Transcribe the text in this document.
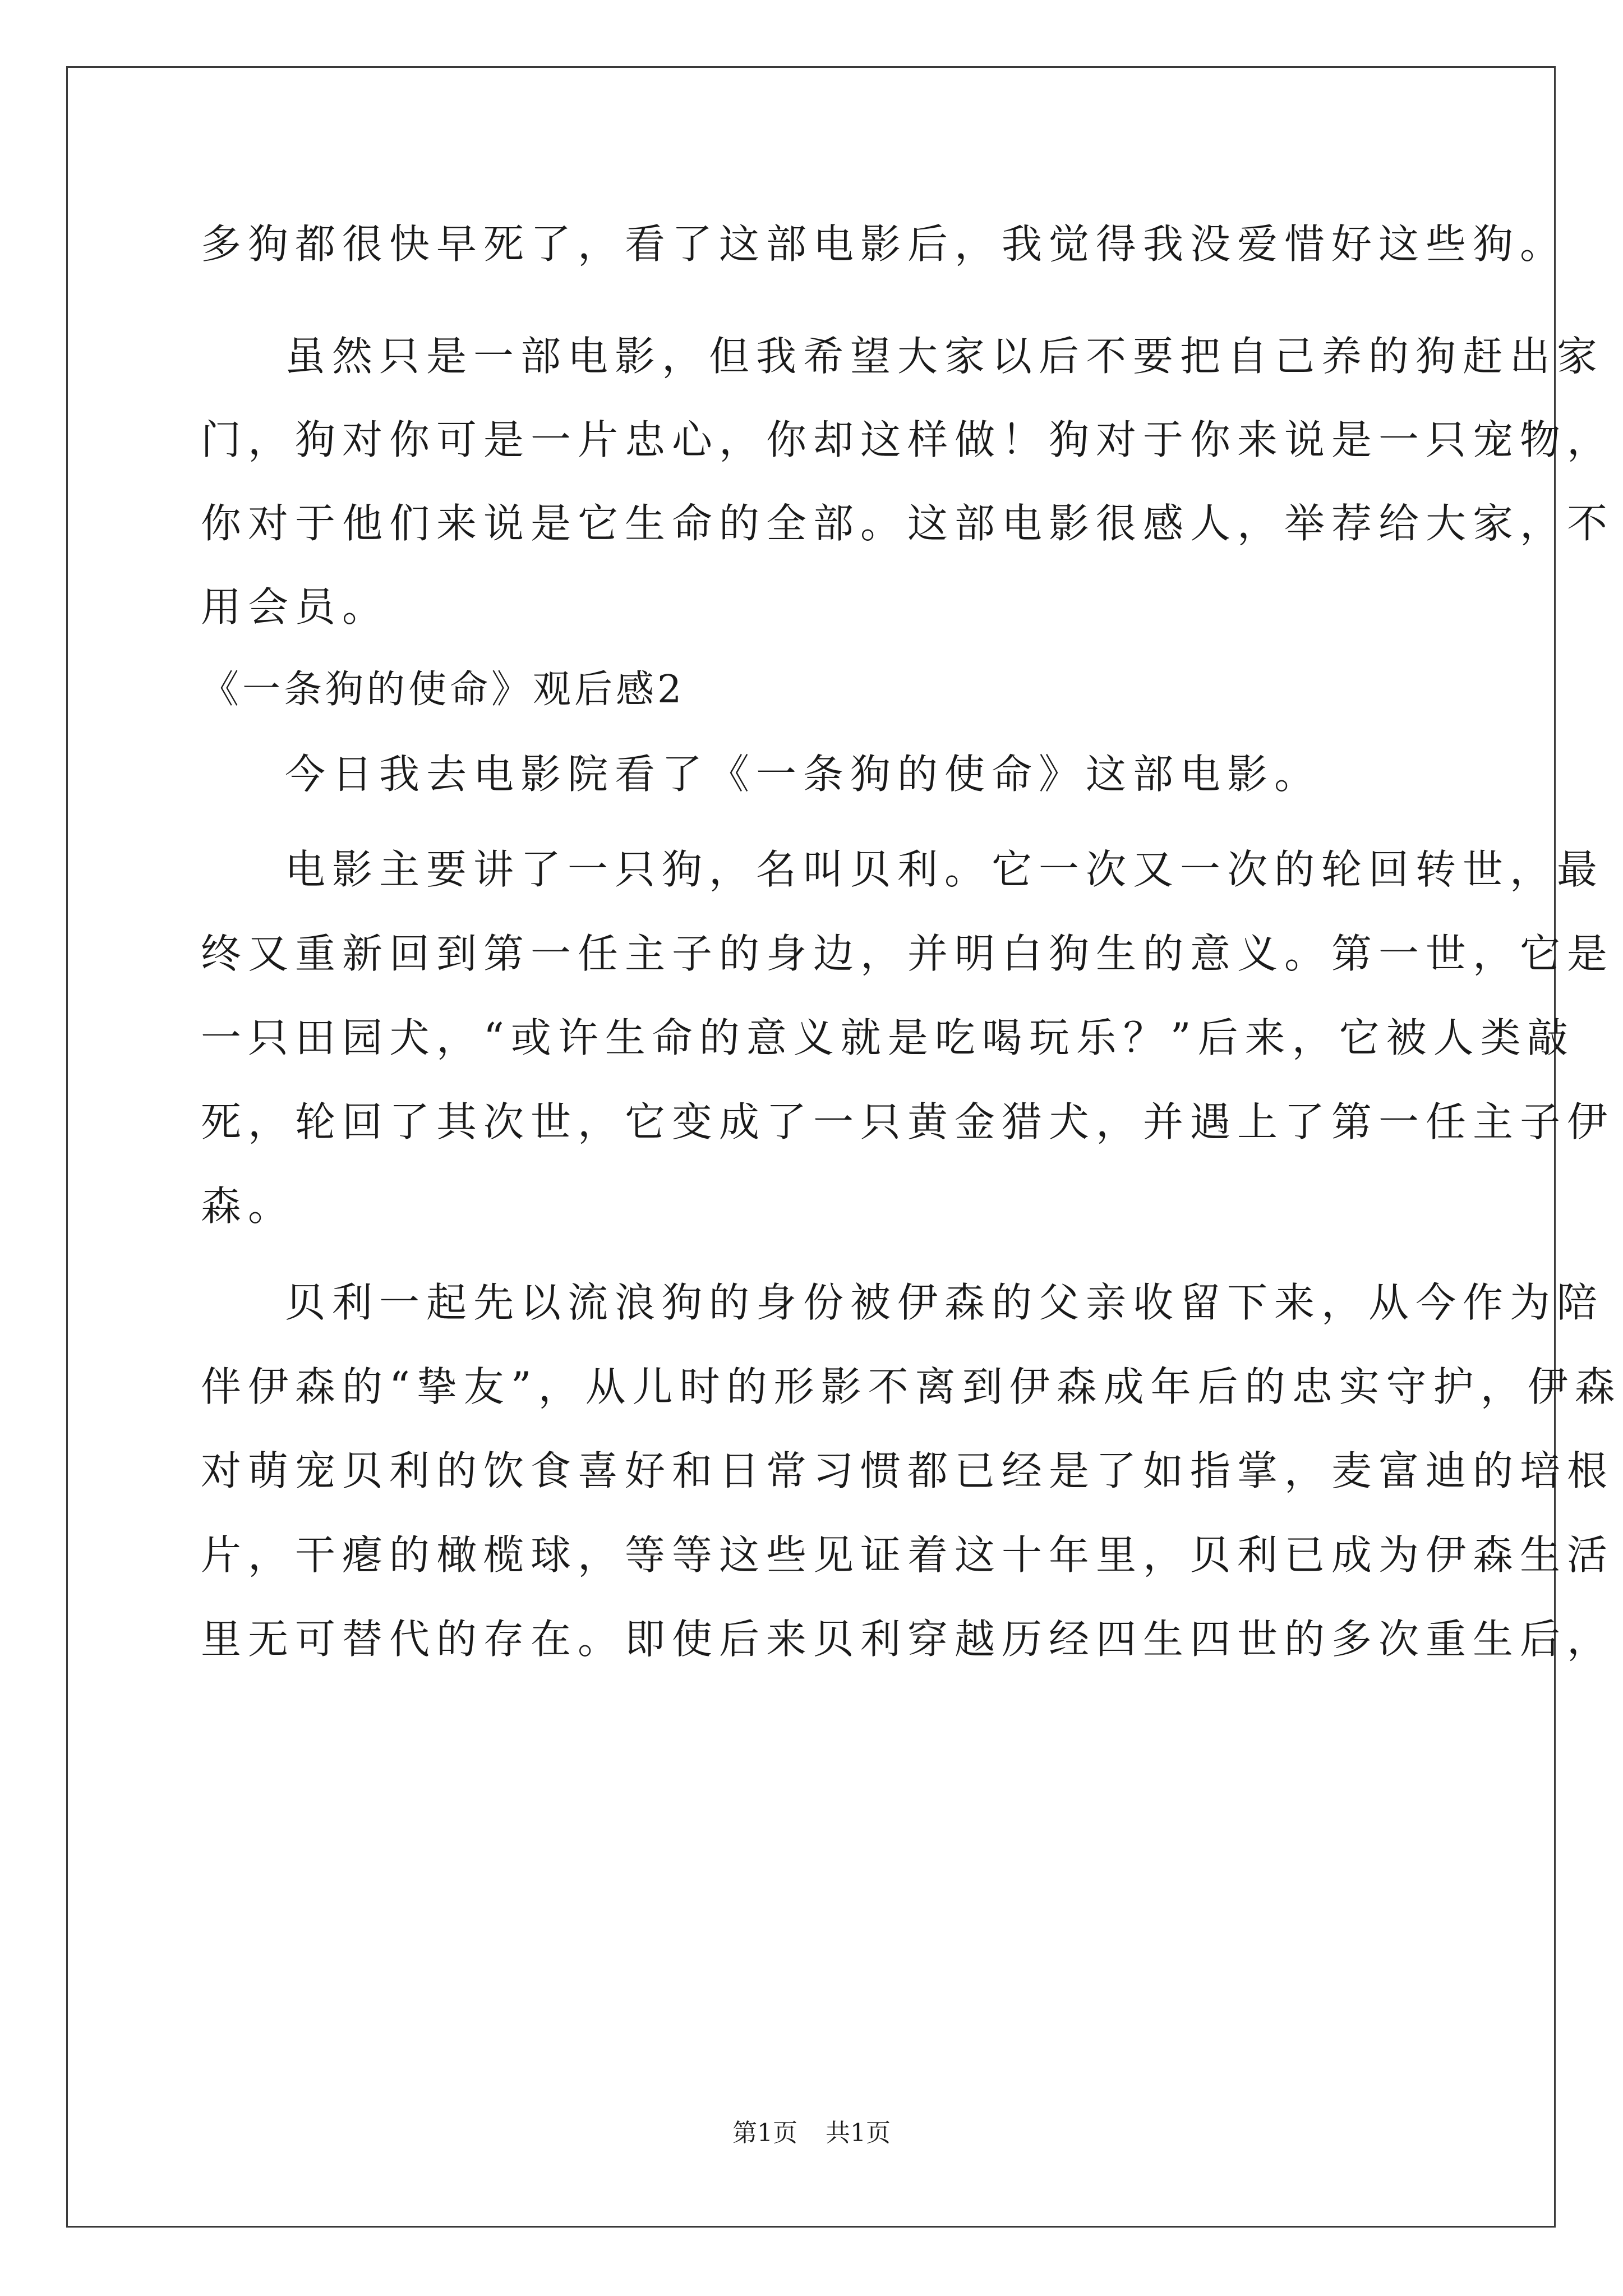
多狗都很快早死了，看了这部电影后，我觉得我没爱惜好这些狗。
虽然只是一部电影，但我希望大家以后不要把自己养的狗赶出家
门，狗对你可是一片忠心，你却这样做！狗对于你来说是一只宠物，
你对于他们来说是它生命的全部。这部电影很感人，举荐给大家，不
用会员。
《一条狗的使命》观后感2
今日我去电影院看了《一条狗的使命》这部电影。
电影主要讲了一只狗，名叫贝利。它一次又一次的轮回转世，最
终又重新回到第一任主子的身边，并明白狗生的意义。第一世，它是
一只田园犬，“或许生命的意义就是吃喝玩乐？”后来，它被人类敲
死，轮回了其次世，它变成了一只黄金猎犬，并遇上了第一任主子伊
森。
贝利一起先以流浪狗的身份被伊森的父亲收留下来，从今作为陪
伴伊森的“挚友”，从儿时的形影不离到伊森成年后的忠实守护，伊森
对萌宠贝利的饮食喜好和日常习惯都已经是了如指掌，麦富迪的培根
片，干瘪的橄榄球，等等这些见证着这十年里，贝利已成为伊森生活
里无可替代的存在。即使后来贝利穿越历经四生四世的多次重生后，
第1页 共1页
